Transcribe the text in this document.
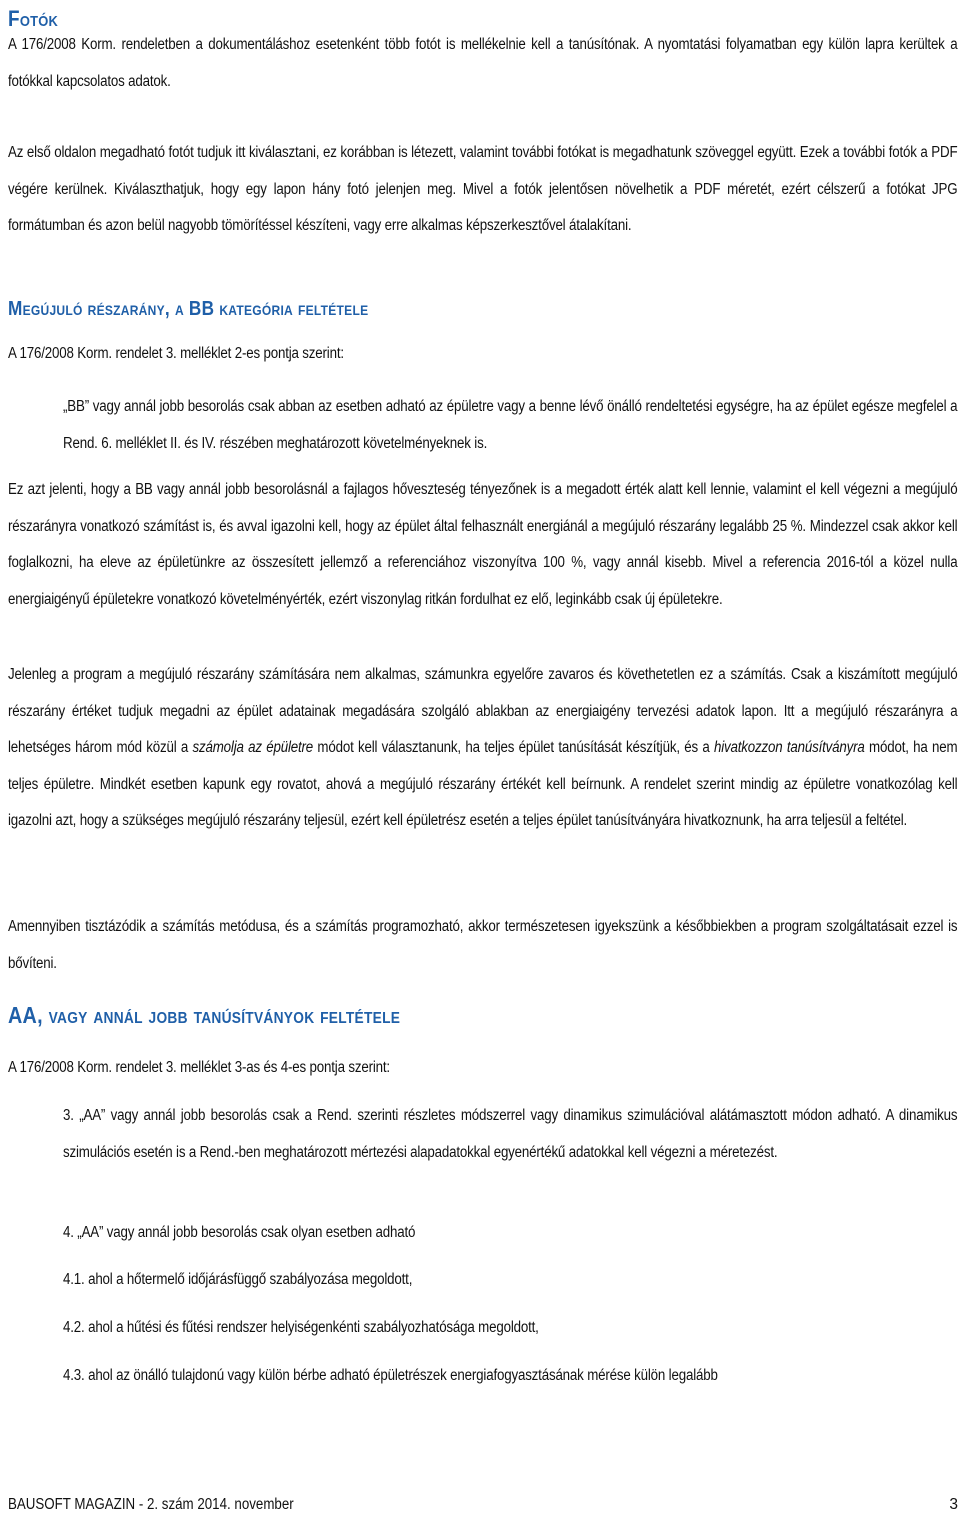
Fotók

A 176/2008 Korm. rendeletben a dokumentáláshoz esetenként több fotót is mellékelnie kell a tanúsítónak. A nyomtatási folyamatban egy külön lapra kerültek a fotókkal kapcsolatos adatok.

Az első oldalon megadható fotót tudjuk itt kiválasztani, ez korábban is létezett, valamint további fotókat is megadhatunk szöveggel együtt. Ezek a további fotók a PDF végére kerülnek. Kiválaszthatjuk, hogy egy lapon hány fotó jelenjen meg. Mivel a fotók jelentősen növelhetik a PDF méretét, ezért célszerű a fotókat JPG formátumban és azon belül nagyobb tömörítéssel készíteni, vagy erre alkalmas képszerkesztővel átalakítani.

Megújuló részarány, a BB kategória feltétele

A 176/2008 Korm. rendelet 3. melléklet 2-es pontja szerint:

„BB” vagy annál jobb besorolás csak abban az esetben adható az épületre vagy a benne lévő önálló rendeltetési egységre, ha az épület egésze megfelel a Rend. 6. melléklet II. és IV. részében meghatározott követelményeknek is.

Ez azt jelenti, hogy a BB vagy annál jobb besorolásnál a fajlagos hőveszteség tényezőnek is a megadott érték alatt kell lennie, valamint el kell végezni a megújuló részarányra vonatkozó számítást is, és avval igazolni kell, hogy az épület által felhasznált energiánál a megújuló részarány legalább 25 %. Mindezzel csak akkor kell foglalkozni, ha eleve az épületünkre az összesített jellemző a referenciához viszonyítva 100 %, vagy annál kisebb. Mivel a referencia 2016-tól a közel nulla energiaigényű épületekre vonatkozó követelményérték, ezért viszonylag ritkán fordulhat ez elő, leginkább csak új épületekre.

Jelenleg a program a megújuló részarány számítására nem alkalmas, számunkra egyelőre zavaros és követhetetlen ez a számítás. Csak a kiszámított megújuló részarány értéket tudjuk megadni az épület adatainak megadására szolgáló ablakban az energiaigény tervezési adatok lapon. Itt a megújuló részarányra a lehetséges három mód közül a számolja az épületre módot kell választanunk, ha teljes épület tanúsítását készítjük, és a hivatkozzon tanúsítványra módot, ha nem teljes épületre. Mindkét esetben kapunk egy rovatot, ahová a megújuló részarány értékét kell beírnunk. A rendelet szerint mindig az épületre vonatkozólag kell igazolni azt, hogy a szükséges megújuló részarány teljesül, ezért kell épületrész esetén a teljes épület tanúsítványára hivatkoznunk, ha arra teljesül a feltétel.

Amennyiben tisztázódik a számítás metódusa, és a számítás programozható, akkor természetesen igyekszünk a későbbiekben a program szolgáltatásait ezzel is bővíteni.

AA, vagy annál jobb tanúsítványok feltétele

A 176/2008 Korm. rendelet 3. melléklet 3-as és 4-es pontja szerint:

3. „AA” vagy annál jobb besorolás csak a Rend. szerinti részletes módszerrel vagy dinamikus szimulációval alátámasztott módon adható. A dinamikus szimulációs esetén is a Rend.-ben meghatározott mértezési alapadatokkal egyenértékű adatokkal kell végezni a méretezést.

4. „AA” vagy annál jobb besorolás csak olyan esetben adható

4.1. ahol a hőtermelő időjárásfüggő szabályozása megoldott,

4.2. ahol a hűtési és fűtési rendszer helyiségenkénti szabályozhatósága megoldott,

4.3. ahol az önálló tulajdonú vagy külön bérbe adható épületrészek energiafogyasztásának mérése külön legalább

BAUSOFT MAGAZIN - 2. szám 2014. november	3
